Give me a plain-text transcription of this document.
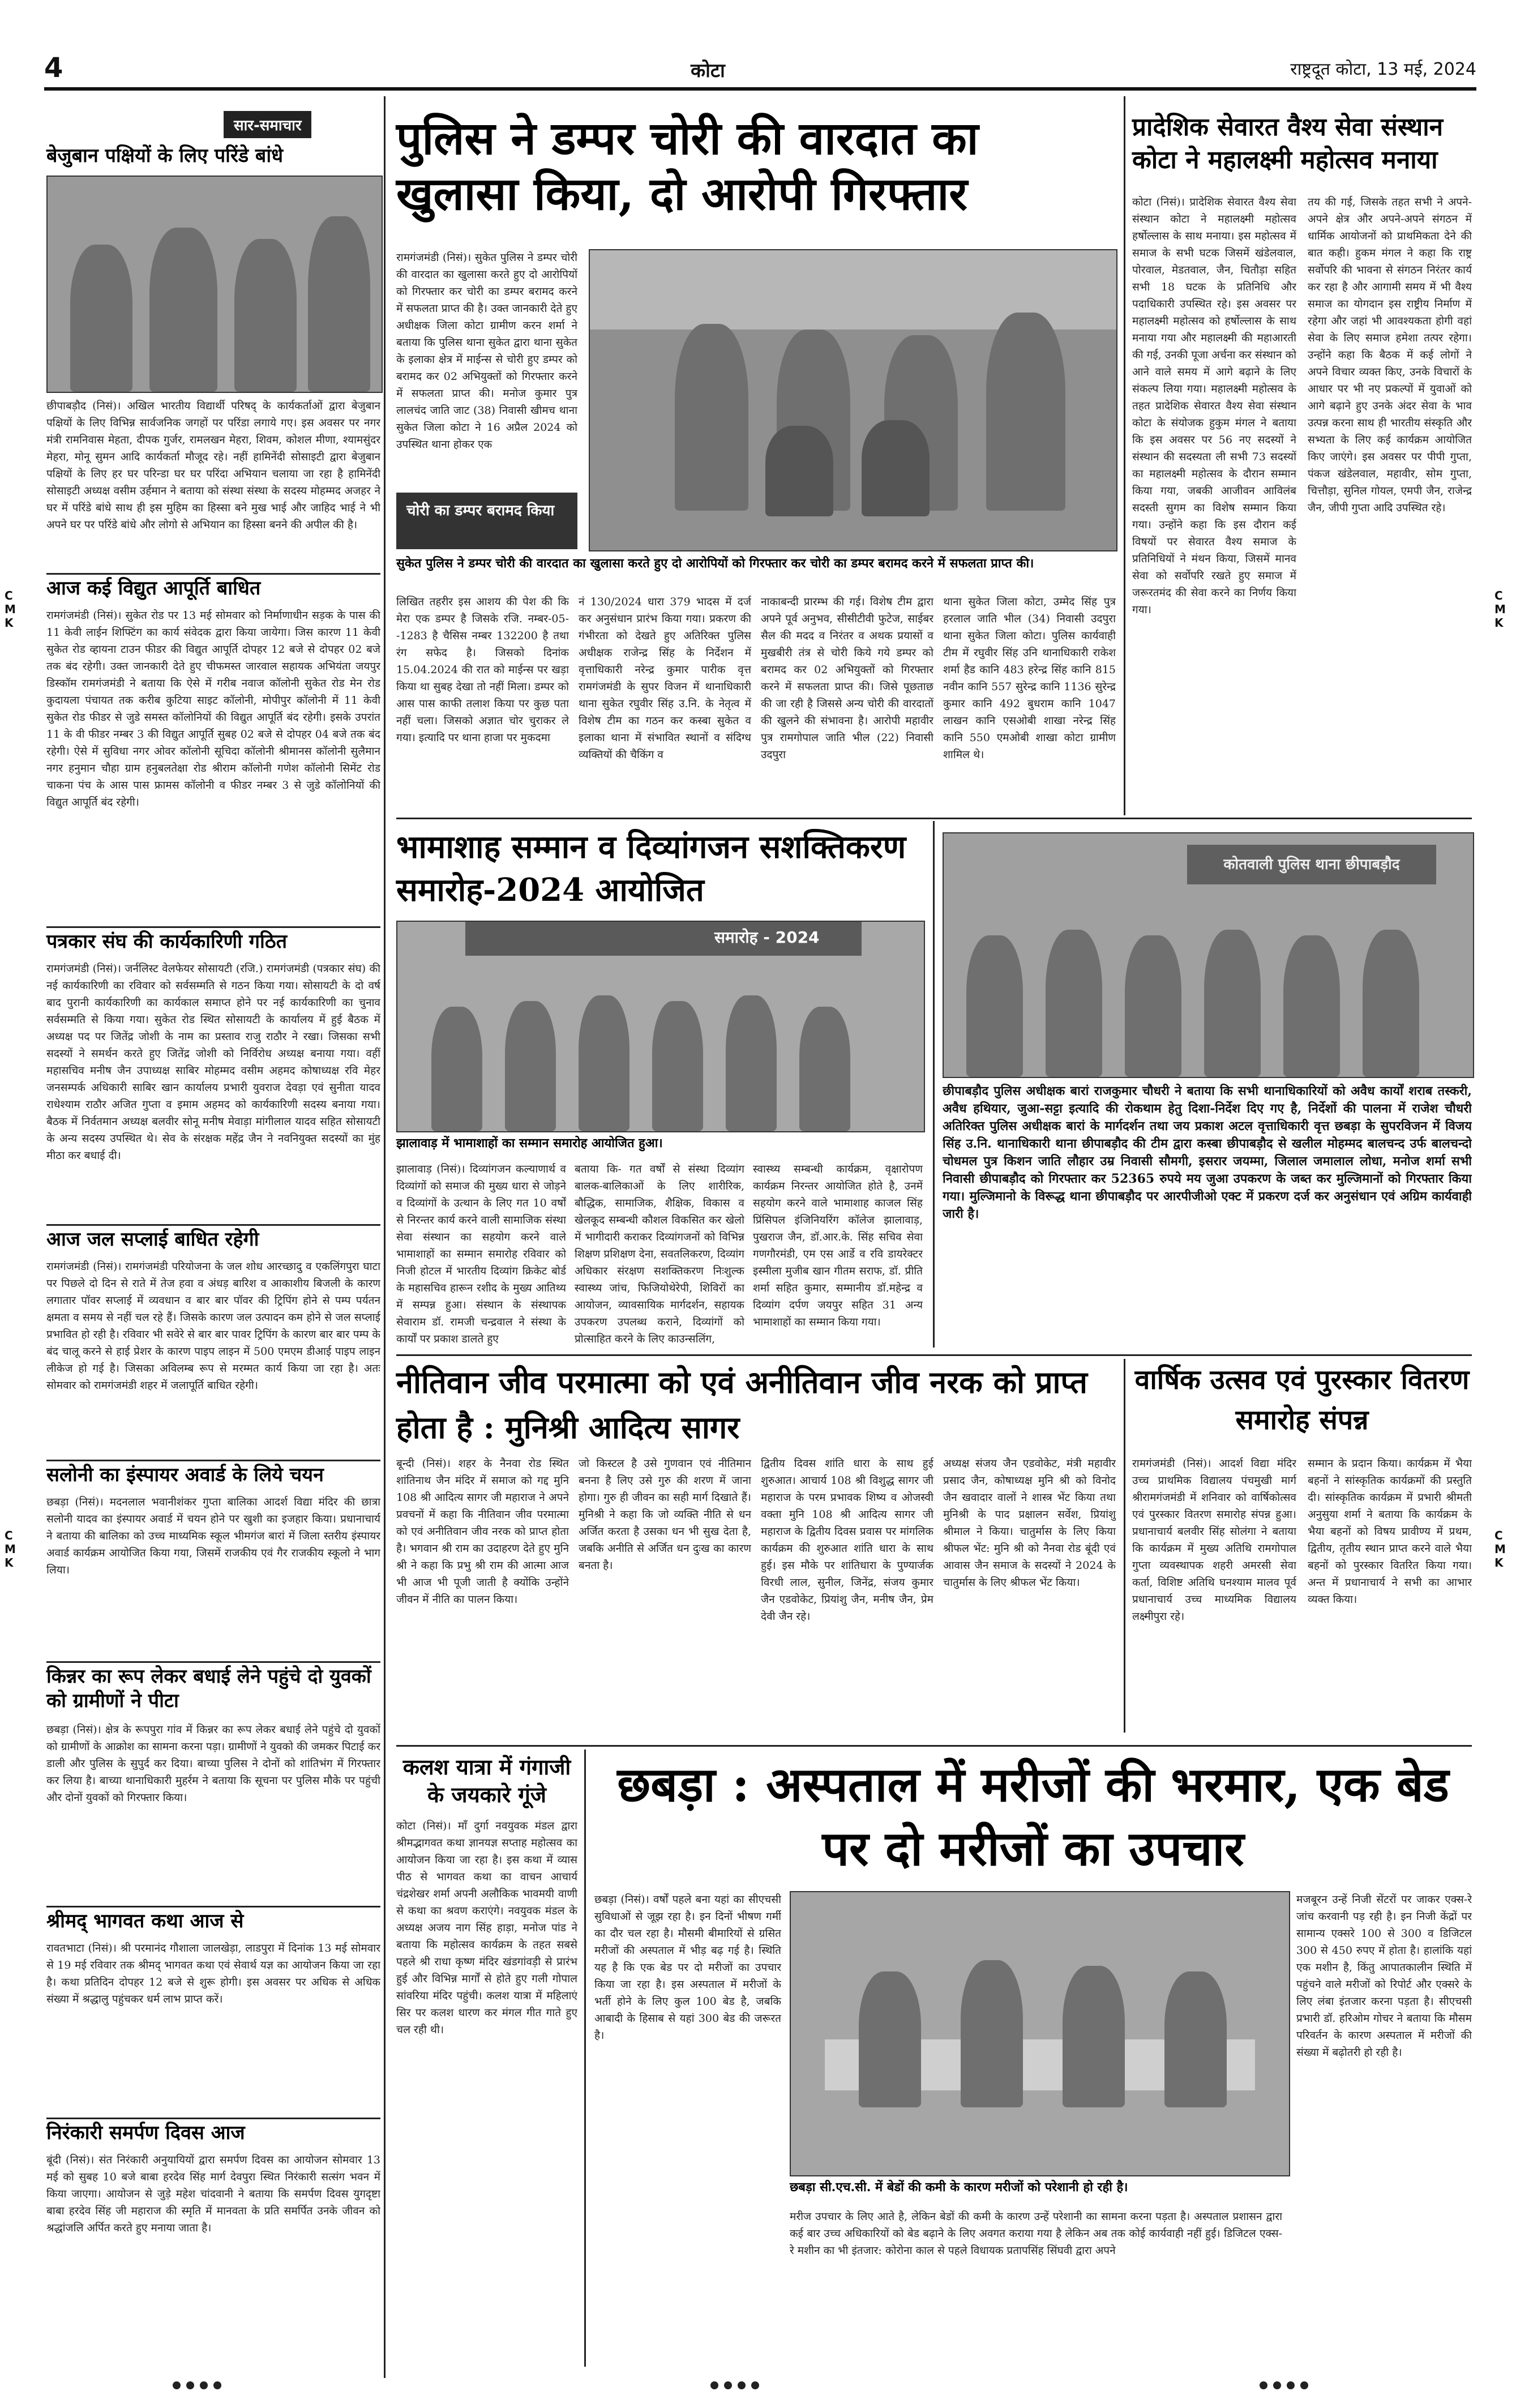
4	कोटा	राष्ट्रदूत कोटा, 13 मई, 2024
C
M
K
C
M
K
C
M
K
C
M
K
सार-समाचार
बेजुबान पक्षियों के लिए परिंडे बांधे
छीपाबड़ौद (निसं)। अखिल भारतीय विद्यार्थी परिषद् के कार्यकर्ताओं द्वारा बेजुबान पक्षियों के लिए विभिन्न सार्वजनिक जगहों पर परिंडा लगाये गए। इस अवसर पर नगर मंत्री रामनिवास मेहता, दीपक गुर्जर, रामलखन मेहरा, शिवम, कोशल मीणा, श्यामसुंदर मेहरा, मोनू सुमन आदि कार्यकर्ता मौजूद रहे। नहीं हामिनेंदी सोसाइटी द्वारा बेजुबान पक्षियों के लिए हर घर परिन्डा घर घर परिंदा अभियान चलाया जा रहा है हामिनेंदी सोसाइटी अध्यक्ष वसीम उर्हमान ने बताया को संस्था संस्था के सदस्य मोहम्मद अजहर ने घर में परिंडे बांधे साथ ही इस मुहिम का हिस्सा बने मुख भाई और जाहिद भाई ने भी अपने घर पर परिंडे बांधे और लोगो से अभियान का हिस्सा बनने की अपील की है।
आज कई विद्युत आपूर्ति बाधित
रामगंजमंडी (निसं)। सुकेत रोड पर 13 मई सोमवार को निर्माणाधीन सड़क के पास की 11 केवी लाईन शिफ्टिंग का कार्य संवेदक द्वारा किया जायेगा। जिस कारण 11 केवी सुकेत रोड व्हायना टाउन फीडर की विद्युत आपूर्ति दोपहर 12 बजे से दोपहर 02 बजे तक बंद रहेगी। उक्त जानकारी देते हुए चीफमस्त जारवाल सहायक अभियंता जयपुर डिस्कॉम रामगंजमंडी ने बताया कि ऐसे में गरीब नवाज कॉलोनी सुकेत रोड मेन रोड कुदायला पंचायत तक करीब कुटिया साइट कॉलोनी, मोपीपुर कॉलोनी में 11 केवी सुकेत रोड फीडर से जुडे समस्त कॉलोनियों की विद्युत आपूर्ति बंद रहेगी। इसके उपरांत 11 के वी फीडर नम्बर 3 की विद्युत आपूर्ति सुबह 02 बजे से दोपहर 04 बजे तक बंद रहेगी। ऐसे में सुविधा नगर ओवर कॉलोनी सूचिदा कॉलोनी श्रीमानस कॉलोनी सुलैमान नगर हनुमान चौहा ग्राम हनुबलतेक्षा रोड श्रीराम कॉलोनी गणेश कॉलोनी सिमेंट रोड चाकना पंच के आस पास फ्रामस कॉलोनी व फीडर नम्बर 3 से जुडे कॉलोनियों की विद्युत आपूर्ति बंद रहेगी।
पत्रकार संघ की कार्यकारिणी गठित
रामगंजमंडी (निसं)। जर्नलिस्ट वेलफेयर सोसायटी (रजि.) रामगंजमंडी (पत्रकार संघ) की नई कार्यकारिणी का रविवार को सर्वसम्मति से गठन किया गया। सोसायटी के दो वर्ष बाद पुरानी कार्यकारिणी का कार्यकाल समाप्त होने पर नई कार्यकारिणी का चुनाव सर्वसम्मति से किया गया। सुकेत रोड स्थित सोसायटी के कार्यालय में हुई बैठक में अध्यक्ष पद पर जितेंद्र जोशी के नाम का प्रस्ताव राजु राठौर ने रखा। जिसका सभी सदस्यों ने समर्थन करते हुए जितेंद्र जोशी को निर्विरोध अध्यक्ष बनाया गया। वहीं महासचिव मनीष जैन उपाध्यक्ष साबिर मोहम्मद वसीम अहमद कोषाध्यक्ष रवि मेहर जनसम्पर्क अधिकारी साबिर खान कार्यालय प्रभारी युवराज देवड़ा एवं सुनीता यादव राधेश्याम राठौर अजित गुप्ता व इमाम अहमद को कार्यकारिणी सदस्य बनाया गया। बैठक में निर्वतमान अध्यक्ष बलवीर सोनू मनीष मेवाड़ा मांगीलाल यादव सहित सोसायटी के अन्य सदस्य उपस्थित थे। सेव के संरक्षक महेंद्र जैन ने नवनियुक्त सदस्यों का मुंह मीठा कर बधाई दी।
आज जल सप्लाई बाधित रहेगी
रामगंजमंडी (निसं)। रामगंजमंडी परियोजना के जल शोध आरच्छादु व एकलिंगपुरा घाटा पर पिछले दो दिन से राते में तेज हवा व अंधड़ बारिश व आकाशीय बिजली के कारण लगातार पॉवर सप्लाई में व्यवधान व बार बार पॉवर की ट्रिपिंग होने से पम्प पर्यतन क्षमता व समय से नहीं चल रहे हैं। जिसके कारण जल उत्पादन कम होने से जल सप्लाई प्रभावित हो रही है। रविवार भी सवेरे से बार बार पावर ट्रिपिंग के कारण बार बार पम्प के बंद चालू करने से हाई प्रेशर के कारण पाइप लाइन में 500 एमएम डीआई पाइप लाइन लीकेज हो गई है। जिसका अविलम्ब रूप से मरम्मत कार्य किया जा रहा है। अतः सोमवार को रामगंजमंडी शहर में जलापूर्ति बाधित रहेगी।
सलोनी का इंस्पायर अवार्ड के लिये चयन
छबड़ा (निसं)। मदनलाल भवानीशंकर गुप्ता बालिका आदर्श विद्या मंदिर की छात्रा सलोनी यादव का इंस्पायर अवार्ड में चयन होने पर खुशी का इजहार किया। प्रधानाचार्य ने बताया की बालिका को उच्च माध्यमिक स्कूल भीमगंज बारां में जिला स्तरीय इंस्पायर अवार्ड कार्यक्रम आयोजित किया गया, जिसमें राजकीय एवं गैर राजकीय स्कूलो ने भाग लिया।
किन्नर का रूप लेकर बधाई लेने पहुंचे दो युवकों को ग्रामीणों ने पीटा
छबड़ा (निसं)। क्षेत्र के रूपपुरा गांव में किन्नर का रूप लेकर बधाई लेने पहुंचे दो युवकों को ग्रामीणों के आक्रोश का सामना करना पड़ा। ग्रामीणों ने युवको की जमकर पिटाई कर डाली और पुलिस के सुपुर्द कर दिया। बाच्या पुलिस ने दोनों को शांतिभंग में गिरफ्तार कर लिया है। बाच्या थानाधिकारी मुहर्रम ने बताया कि सूचना पर पुलिस मौके पर पहुंची और दोनों युवकों को गिरफ्तार किया।
श्रीमद् भागवत कथा आज से
रावतभाटा (निसं)। श्री परमानंद गौशाला जालखेड़ा, लाडपुरा में दिनांक 13 मई सोमवार से 19 मई रविवार तक श्रीमद् भागवत कथा एवं सेवार्थ यज्ञ का आयोजन किया जा रहा है। कथा प्रतिदिन दोपहर 12 बजे से शुरू होगी। इस अवसर पर अधिक से अधिक संख्या में श्रद्धालु पहुंचकर धर्म लाभ प्राप्त करें।
निरंकारी समर्पण दिवस आज
बूंदी (निसं)। संत निरंकारी अनुयायियों द्वारा समर्पण दिवस का आयोजन सोमवार 13 मई को सुबह 10 बजे बाबा हरदेव सिंह मार्ग देवपुरा स्थित निरंकारी सत्संग भवन में किया जाएगा। आयोजन से जुड़े महेश चांदवानी ने बताया कि समर्पण दिवस युगदृष्टा बाबा हरदेव सिंह जी महाराज की स्मृति में मानवता के प्रति समर्पित उनके जीवन को श्रद्धांजलि अर्पित करते हुए मनाया जाता है।
पुलिस ने डम्पर चोरी की वारदात का खुलासा किया, दो आरोपी गिरफ्तार
रामगंजमंडी (निसं)। सुकेत पुलिस ने डम्पर चोरी की वारदात का खुलासा करते हुए दो आरोपियों को गिरफ्तार कर चोरी का डम्पर बरामद करने में सफलता प्राप्त की है। उक्त जानकारी देते हुए अधीक्षक जिला कोटा ग्रामीण करन शर्मा ने बताया कि पुलिस थाना सुकेत द्वारा थाना सुकेत के इलाका क्षेत्र में माईन्स से चोरी हुए डम्पर को बरामद कर 02 अभियुक्तों को गिरफ्तार करने में सफलता प्राप्त की। मनोज कुमार पुत्र लालचंद जाति जाट (38) निवासी खीमच थाना सुकेत जिला कोटा ने 16 अप्रैल 2024 को उपस्थित थाना होकर एक
चोरी का डम्पर बरामद किया
सुकेत पुलिस ने डम्पर चोरी की वारदात का खुलासा करते हुए दो आरोपियों को गिरफ्तार कर चोरी का डम्पर बरामद करने में सफलता प्राप्त की।
लिखित तहरीर इस आशय की पेश की कि मेरा एक डम्पर है जिसके रजि. नम्बर-05--1283 है चैसिस नम्बर 132200 है तथा रंग सफेद है। जिसको दिनांक 15.04.2024 की रात को माईन्स पर खड़ा किया था सुबह देखा तो नहीं मिला। डम्पर को आस पास काफी तलाश किया पर कुछ पता नहीं चला। जिसको अज्ञात चोर चुराकर ले गया। इत्यादि पर थाना हाजा पर मुकदमा
नं 130/2024 धारा 379 भादस में दर्ज कर अनुसंधान प्रारंभ किया गया। प्रकरण की गंभीरता को देखते हुए अतिरिक्त पुलिस अधीक्षक राजेन्द्र सिंह के निर्देशन में वृत्ताधिकारी नरेन्द्र कुमार पारीक वृत्त रामगंजमंडी के सुपर विजन में थानाधिकारी थाना सुकेत रघुवीर सिंह उ.नि. के नेतृत्व में विशेष टीम का गठन कर कस्बा सुकेत व इलाका थाना में संभावित स्थानों व संदिग्ध व्यक्तियों की चैकिंग व
नाकाबन्दी प्रारम्भ की गई। विशेष टीम द्वारा अपने पूर्व अनुभव, सीसीटीवी फुटेज, साईबर सैल की मदद व निरंतर व अथक प्रयासों व मुखबीरी तंत्र से चोरी किये गये डम्पर को बरामद कर 02 अभियुक्तों को गिरफ्तार करने में सफलता प्राप्त की। जिसे पूछताछ की जा रही है जिससे अन्य चोरी की वारदातों की खुलने की संभावना है। आरोपी महावीर पुत्र रामगोपाल जाति भील (22) निवासी उदपुरा
थाना सुकेत जिला कोटा, उम्मेद सिंह पुत्र हरलाल जाति भील (34) निवासी उदपुरा थाना सुकेत जिला कोटा। पुलिस कार्यवाही टीम में रघुवीर सिंह उनि थानाधिकारी राकेश शर्मा हैड कानि 483 हरेन्द्र सिंह कानि 815 नवीन कानि 557 सुरेन्द्र कानि 1136 सुरेन्द्र कुमार कानि 492 बुधराम कानि 1047 लाखन कानि एसओबी शाखा नरेन्द्र सिंह कानि 550 एमओबी शाखा कोटा ग्रामीण शामिल थे।
प्रादेशिक सेवारत वैश्य सेवा संस्थान कोटा ने महालक्ष्मी महोत्सव मनाया
कोटा (निसं)। प्रादेशिक सेवारत वैश्य सेवा संस्थान कोटा ने महालक्ष्मी महोत्सव हर्षोल्लास के साथ मनाया। इस महोत्सव में समाज के सभी घटक जिसमें खंडेलवाल, पोरवाल, मेडतवाल, जैन, चितौड़ा सहित सभी 18 घटक के प्रतिनिधि और पदाधिकारी उपस्थित रहे। इस अवसर पर महालक्ष्मी महोत्सव को हर्षोल्लास के साथ मनाया गया और महालक्ष्मी की महाआरती की गई, उनकी पूजा अर्चना कर संस्थान को आने वाले समय में आगे बढ़ाने के लिए संकल्प लिया गया। महालक्ष्मी महोत्सव के तहत प्रादेशिक सेवारत वैश्य सेवा संस्थान कोटा के संयोजक हुकुम मंगल ने बताया कि इस अवसर पर 56 नए सदस्यों ने संस्थान की सदस्यता ली सभी 73 सदस्यों का महालक्ष्मी महोत्सव के दौरान सम्मान किया गया, जबकी आजीवन आविलंब सदस्ती सुगम का विशेष सम्मान किया गया। उन्होंने कहा कि इस दौरान कई विषयों पर सेवारत वैश्य समाज के प्रतिनिधियों ने मंथन किया, जिसमें मानव सेवा को सर्वोपरि रखते हुए समाज में जरूरतमंद की सेवा करने का निर्णय किया गया।
तय की गई, जिसके तहत सभी ने अपने-अपने क्षेत्र और अपने-अपने संगठन में धार्मिक आयोजनों को प्राथमिकता देने की बात कही। हुकम मंगल ने कहा कि राष्ट्र सर्वोपरि की भावना से संगठन निरंतर कार्य कर रहा है और आगामी समय में भी वैश्य समाज का योगदान इस राष्ट्रीय निर्माण में रहेगा और जहां भी आवश्यकता होगी वहां सेवा के लिए समाज हमेशा तत्पर रहेगा। उन्होंने कहा कि बैठक में कई लोगों ने अपने विचार व्यक्त किए, उनके विचारों के आधार पर भी नए प्रकल्पों में युवाओं को आगे बढ़ाने हुए उनके अंदर सेवा के भाव उत्पन्न करना साथ ही भारतीय संस्कृति और सभ्यता के लिए कई कार्यक्रम आयोजित किए जाएंगे। इस अवसर पर पीपी गुप्ता, पंकज खंडेलवाल, महावीर, सोम गुप्ता, चित्तौड़ा, सुनिल गोयल, एमपी जैन, राजेन्द्र जैन, जीपी गुप्ता आदि उपस्थित रहे।
भामाशाह सम्मान व दिव्यांगजन सशक्तिकरण समारोह-2024 आयोजित
समारोह - 2024
झालावाड़ में भामाशाहों का सम्मान समारोह आयोजित हुआ।
झालावाड़ (निसं)। दिव्यांगजन कल्याणार्थ व दिव्यांगों को समाज की मुख्य धारा से जोड़ने व दिव्यांगों के उत्थान के लिए गत 10 वर्षों से निरन्तर कार्य करने वाली सामाजिक संस्था सेवा संस्थान का सहयोग करने वाले भामाशाहों का सम्मान समारोह रविवार को निजी होटल में भारतीय दिव्यांग क्रिकेट बोर्ड के महासचिव हारून रशीद के मुख्य आतिथ्य में सम्पन्न हुआ। संस्थान के संस्थापक सेवाराम डॉ. रामजी चन्द्रवाल ने संस्था के कार्यों पर प्रकाश डालते हुए
बताया कि- गत वर्षों से संस्था दिव्यांग बालक-बालिकाओं के लिए शारीरिक, बौद्धिक, सामाजिक, शैक्षिक, विकास व खेलकूद सम्बन्धी कौशल विकसित कर खेलो में भागीदारी कराकर दिव्यांगजनों को विभिन्न शिक्षण प्रशिक्षण देना, सवतलिकरण, दिव्यांग अधिकार संरक्षण सशक्तिकरण निःशुल्क स्वास्थ्य जांच, फिजियोथेरेपी, शिविरों का आयोजन, व्यावसायिक मार्गदर्शन, सहायक उपकरण उपलब्ध कराने, दिव्यांगों को प्रोत्साहित करने के लिए काउन्सलिंग,
स्वास्थ्य सम्बन्धी कार्यक्रम, वृक्षारोपण कार्यक्रम निरन्तर आयोजित होते है, उनमें सहयोग करने वाले भामाशाह काजल सिंह प्रिंसिपल इंजिनियरिंग कॉलेज झालावाड़, पुखराज जैन, डॉ.आर.के. सिंह सचिव सेवा गणगौरमंडी, एम एस आर्डे व रवि डायरेक्टर इस्मीला मुजीब खान गीतम सराफ, डॉ. प्रीति शर्मा सहित कुमार, सम्मानीय डॉ.महेन्द्र व दिव्यांग दर्पण जयपुर सहित 31 अन्य भामाशाहों का सम्मान किया गया।
कोतवाली पुलिस थाना छीपाबड़ौद
छीपाबड़ौद पुलिस अधीक्षक बारां राजकुमार चौधरी ने बताया कि सभी थानाधिकारियों को अवैध कार्यों शराब तस्करी, अवैध हथियार, जुआ-सट्टा इत्यादि की रोकथाम हेतु दिशा-निर्देश दिए गए है, निर्देशों की पालना में राजेश चौधरी अतिरिक्त पुलिस अधीक्षक बारां के मार्गदर्शन तथा जय प्रकाश अटल वृत्ताधिकारी वृत्त छबड़ा के सुपरविजन में विजय सिंह उ.नि. थानाधिकारी थाना छीपाबड़ौद की टीम द्वारा कस्बा छीपाबड़ौद से खलील मोहम्मद बालचन्द उर्फ बालचन्दो चोधमल पुत्र किशन जाति लौहार उम्र निवासी सौमगी, इसरार जयम्मा, जिलाल जमालाल लोधा, मनोज शर्मा सभी निवासी छीपाबड़ौद को गिरफ्तार कर 52365 रुपये मय जुआ उपकरण के जब्त कर मुल्जिमानों को गिरफ्तार किया गया। मुल्जिमानो के विरूद्ध थाना छीपाबड़ौद पर आरपीजीओ एक्ट में प्रकरण दर्ज कर अनुसंधान एवं अग्रिम कार्यवाही जारी है।
नीतिवान जीव परमात्मा को एवं अनीतिवान जीव नरक को प्राप्त होता है : मुनिश्री आदित्य सागर
बून्दी (निसं)। शहर के नैनवा रोड स्थित शांतिनाथ जैन मंदिर में समाज को गद्द मुनि 108 श्री आदित्य सागर जी महाराज ने अपने प्रवचनों में कहा कि नीतिवान जीव परमात्मा को एवं अनीतिवान जीव नरक को प्राप्त होता है। भगवान श्री राम का उदाहरण देते हुए मुनि श्री ने कहा कि प्रभु श्री राम की आत्मा आज भी आज भी पूजी जाती है क्योंकि उन्होंने जीवन में नीति का पालन किया।
जो किस्टल है उसे गुणवान एवं नीतिमान बनना है लिए उसे गुरु की शरण में जाना होगा। गुरु ही जीवन का सही मार्ग दिखाते हैं। मुनिश्री ने कहा कि जो व्यक्ति नीति से धन अर्जित करता है उसका धन भी सुख देता है, जबकि अनीति से अर्जित धन दुःख का कारण बनता है।
द्वितीय दिवस शांति धारा के साथ हुई शुरुआत। आचार्य 108 श्री विशुद्ध सागर जी महाराज के परम प्रभावक शिष्य व ओजस्वी वक्ता मुनि 108 श्री आदित्य सागर जी महाराज के द्वितीय दिवस प्रवास पर मांगलिक कार्यक्रम की शुरुआत शांति धारा के साथ हुई। इस मौके पर शांतिधारा के पुण्यार्जक विरधी लाल, सुनील, जिनेंद्र, संजय कुमार जैन एडवोकेट, प्रियांशु जैन, मनीष जैन, प्रेम देवी जैन रहे।
अध्यक्ष संजय जैन एडवोकेट, मंत्री महावीर प्रसाद जैन, कोषाध्यक्ष मुनि श्री को विनोद जैन खवादार वालों ने शास्त्र भेंट किया तथा मुनिश्री के पाद प्रक्षालन सर्वेश, प्रियांशु श्रीमाल ने किया। चातुर्मास के लिए किया श्रीफल भेंट: मुनि श्री को नैनवा रोड बूंदी एवं आवास जैन समाज के सदस्यों ने 2024 के चातुर्मास के लिए श्रीफल भेंट किया।
वार्षिक उत्सव एवं पुरस्कार वितरण समारोह संपन्न
रामगंजमंडी (निसं)। आदर्श विद्या मंदिर उच्च प्राथमिक विद्यालय पंचमुखी मार्ग श्रीरामगंजमंडी में शनिवार को वार्षिकोत्सव एवं पुरस्कार वितरण समारोह संपन्न हुआ। प्रधानाचार्य बलवीर सिंह सोलंगा ने बताया कि कार्यक्रम में मुख्य अतिथि रामगोपाल गुप्ता व्यवस्थापक शहरी अमरसी सेवा कर्ता, विशिष्ट अतिथि घनश्याम मालव पूर्व प्रधानाचार्य उच्च माध्यमिक विद्यालय लक्ष्मीपुरा रहे।
सम्मान के प्रदान किया। कार्यक्रम में भैया बहनों ने सांस्कृतिक कार्यक्रमों की प्रस्तुति दी। सांस्कृतिक कार्यक्रम में प्रभारी श्रीमती अनुसुया शर्मा ने बताया कि कार्यक्रम के भैया बहनों को विषय प्रावीण्य में प्रथम, द्वितीय, तृतीय स्थान प्राप्त करने वाले भैया बहनों को पुरस्कार वितरित किया गया। अन्त में प्रधानाचार्य ने सभी का आभार व्यक्त किया।
कलश यात्रा में गंगाजी के जयकारे गूंजे
कोटा (निसं)। माँ दुर्गा नवयुवक मंडल द्वारा श्रीमद्भागवत कथा ज्ञानयज्ञ सप्ताह महोत्सव का आयोजन किया जा रहा है। इस कथा में व्यास पीठ से भागवत कथा का वाचन आचार्य चंद्रशेखर शर्मा अपनी अलौकिक भावमयी वाणी से कथा का श्रवण कराएंगे। नवयुवक मंडल के अध्यक्ष अजय नाग सिंह हाड़ा, मनोज पांड ने बताया कि महोत्सव कार्यक्रम के तहत सबसे पहले श्री राधा कृष्ण मंदिर खंडगांवड़ी से प्रारंभ हुई और विभिन्न मार्गों से होते हुए गली गोपाल सांवरिया मंदिर पहुंची। कलश यात्रा में महिलाएं सिर पर कलश धारण कर मंगल गीत गाते हुए चल रही थी।
छबड़ा : अस्पताल में मरीजों की भरमार, एक बेड पर दो मरीजों का उपचार
छबड़ा (निसं)। वर्षों पहले बना यहां का सीएचसी सुविधाओं से जूझ रहा है। इन दिनों भीषण गर्मी का दौर चल रहा है। मौसमी बीमारियों से ग्रसित मरीजों की अस्पताल में भीड़ बढ़ गई है। स्थिति यह है कि एक बेड पर दो मरीजों का उपचार किया जा रहा है। इस अस्पताल में मरीजों के भर्ती होने के लिए कुल 100 बेड है, जबकि आबादी के हिसाब से यहां 300 बेड की जरूरत है।
छबड़ा सी.एच.सी. में बेडों की कमी के कारण मरीजों को परेशानी हो रही है।
मरीज उपचार के लिए आते है, लेकिन बेडों की कमी के कारण उन्हें परेशानी का सामना करना पड़ता है। अस्पताल प्रशासन द्वारा कई बार उच्च अधिकारियों को बेड बढ़ाने के लिए अवगत कराया गया है लेकिन अब तक कोई कार्यवाही नहीं हुई। डिजिटल एक्स-रे मशीन का भी इंतजार: कोरोना काल से पहले विधायक प्रतापसिंह सिंघवी द्वारा अपने
मजबूरन उन्हें निजी सेंटरों पर जाकर एक्स-रे जांच करवानी पड़ रही है। इन निजी केंद्रों पर सामान्य एक्सरे 100 से 300 व डिजिटल 300 से 450 रुपए में होता है। हालांकि यहां एक मशीन है, किंतु आपातकालीन स्थिति में पहुंचने वाले मरीजों को रिपोर्ट और एक्सरे के लिए लंबा इंतजार करना पड़ता है। सीएचसी प्रभारी डॉ. हरिओम गोचर ने बताया कि मौसम परिवर्तन के कारण अस्पताल में मरीजों की संख्या में बढ़ोतरी हो रही है।
